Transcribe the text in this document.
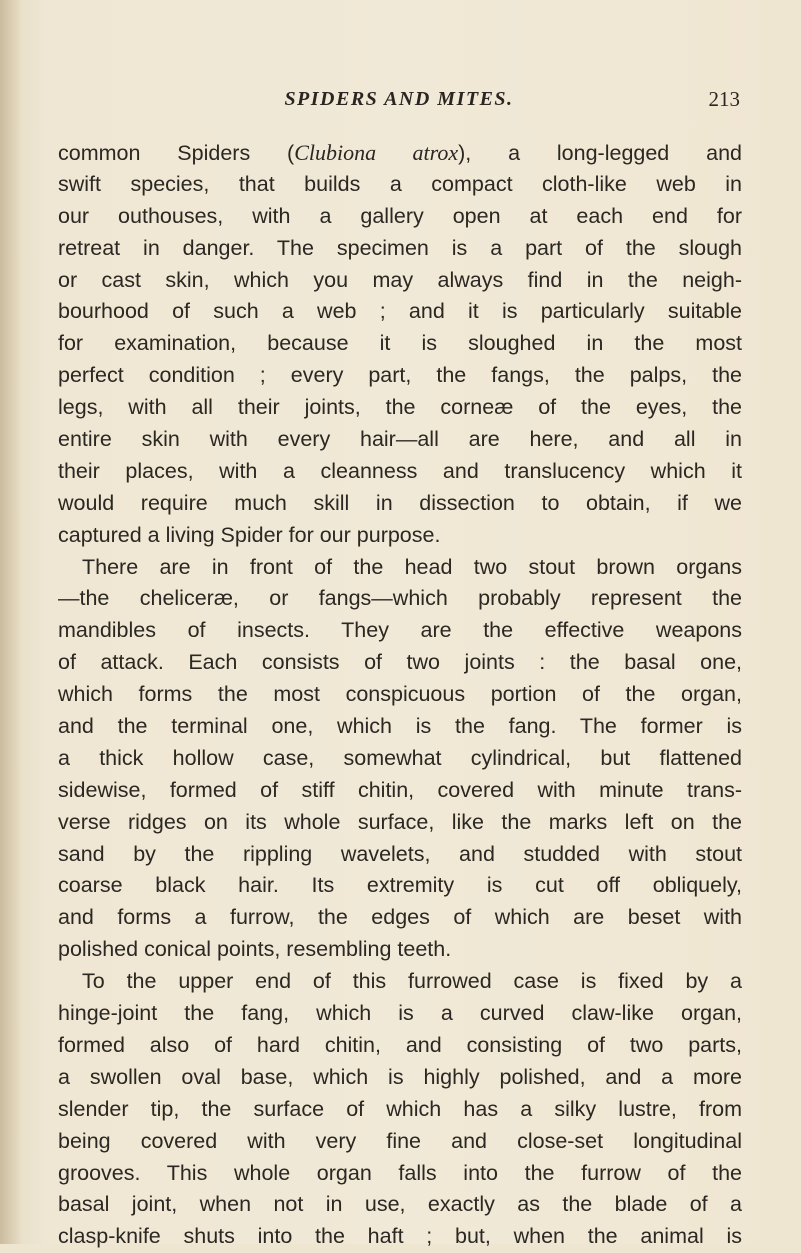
SPIDERS AND MITES.	213
common Spiders (Clubiona atrox), a long-legged and
swift species, that builds a compact cloth-like web in
our outhouses, with a gallery open at each end for
retreat in danger. The specimen is a part of the slough
or cast skin, which you may always find in the neigh-
bourhood of such a web ; and it is particularly suitable
for examination, because it is sloughed in the most
perfect condition ; every part, the fangs, the palps, the
legs, with all their joints, the corneæ of the eyes, the
entire skin with every hair—all are here, and all in
their places, with a cleanness and translucency which it
would require much skill in dissection to obtain, if we
captured a living Spider for our purpose.
There are in front of the head two stout brown organs
—the cheliceræ, or fangs—which probably represent the
mandibles of insects. They are the effective weapons
of attack. Each consists of two joints : the basal one,
which forms the most conspicuous portion of the organ,
and the terminal one, which is the fang. The former is
a thick hollow case, somewhat cylindrical, but flattened
sidewise, formed of stiff chitin, covered with minute trans-
verse ridges on its whole surface, like the marks left on the
sand by the rippling wavelets, and studded with stout
coarse black hair. Its extremity is cut off obliquely,
and forms a furrow, the edges of which are beset with
polished conical points, resembling teeth.
To the upper end of this furrowed case is fixed by a
hinge-joint the fang, which is a curved claw-like organ,
formed also of hard chitin, and consisting of two parts,
a swollen oval base, which is highly polished, and a more
slender tip, the surface of which has a silky lustre, from
being covered with very fine and close-set longitudinal
grooves. This whole organ falls into the furrow of the
basal joint, when not in use, exactly as the blade of a
clasp-knife shuts into the haft ; but, when the animal is
